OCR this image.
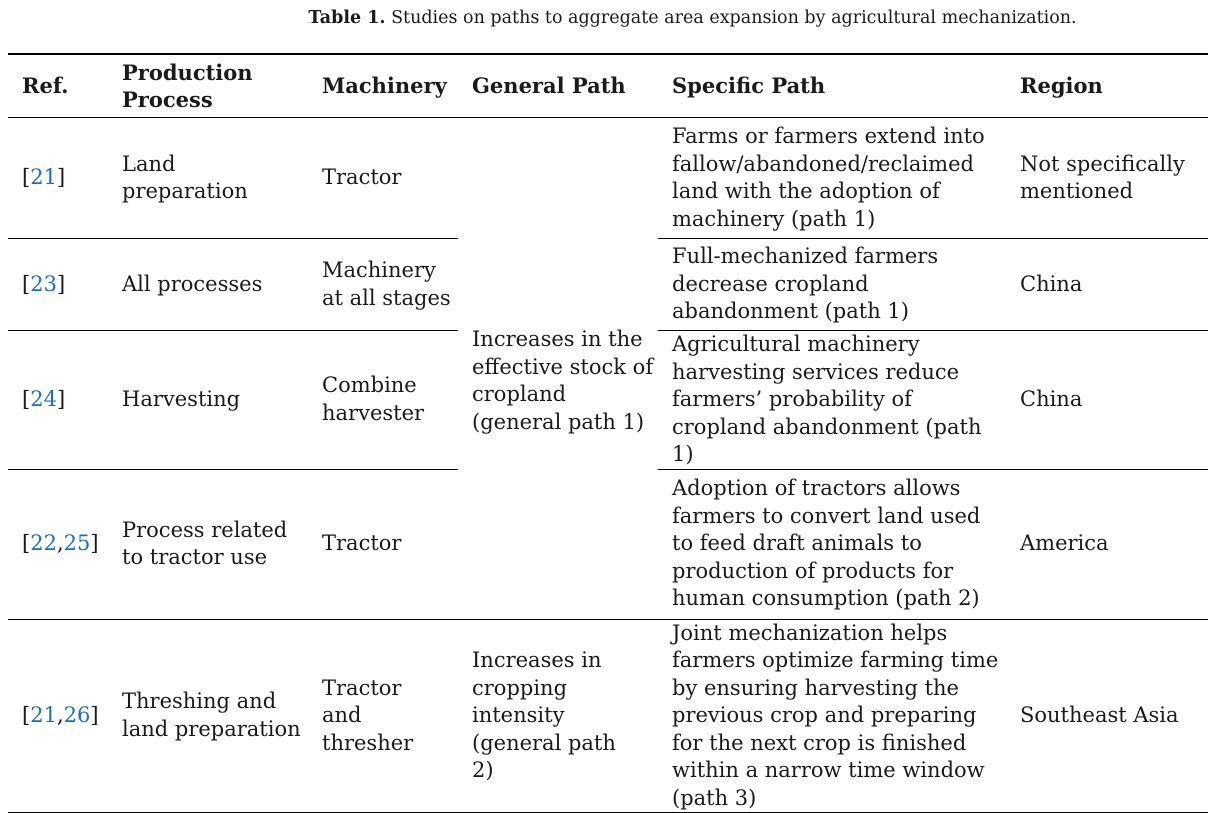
Table 1. Studies on paths to aggregate area expansion by agricultural mechanization.
Ref.	Production Process	Machinery	General Path	Specific Path	Region
[21]	Land preparation	Tractor	Increases in the effective stock of cropland (general path 1)	Farms or farmers extend into fallow/abandoned/reclaimed land with the adoption of machinery (path 1)	Not specifically mentioned
[23]	All processes	Machinery at all stages		Full-mechanized farmers decrease cropland abandonment (path 1)	China
[24]	Harvesting	Combine harvester		Agricultural machinery harvesting services reduce farmers’ probability of cropland abandonment (path 1)	China
[22,25]	Process related to tractor use	Tractor		Adoption of tractors allows farmers to convert land used to feed draft animals to production of products for human consumption (path 2)	America
[21,26]	Threshing and land preparation	Tractor and thresher	Increases in cropping intensity (general path 2)	Joint mechanization helps farmers optimize farming time by ensuring harvesting the previous crop and preparing for the next crop is finished within a narrow time window (path 3)	Southeast Asia
